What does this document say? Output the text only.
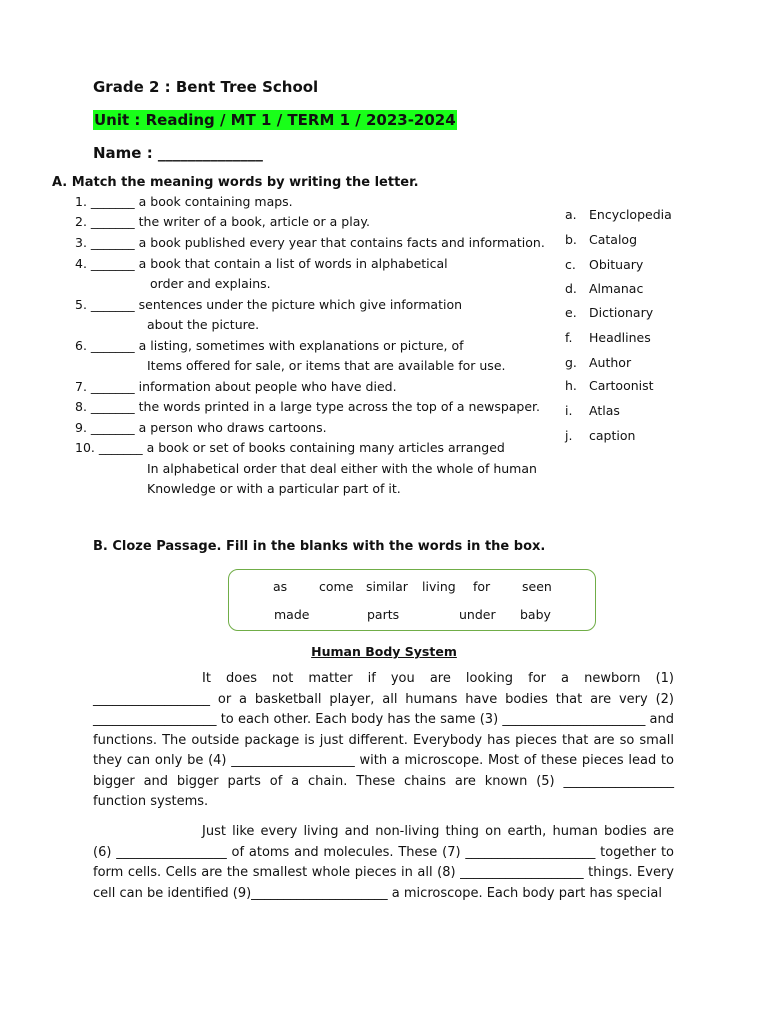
Grade 2 : Bent Tree School
Unit : Reading / MT 1 / TERM 1 / 2023-2024
Name : ______________
A. Match the meaning words by writing the letter.
1. _______ a book containing maps.
2. _______ the writer of a book, article or a play.
3. _______ a book published every year that contains facts and information.
4. _______ a book that contain a list of words in alphabetical
order and explains.
5. _______ sentences under the picture which give information
about the picture.
6. _______ a listing, sometimes with explanations or picture, of
Items offered for sale, or items that are available for use.
7. _______ information about people who have died.
8. _______ the words printed in a large type across the top of a newspaper.
9. _______ a person who draws cartoons.
10. _______ a book or set of books containing many articles arranged
In alphabetical order that deal either with the whole of human
Knowledge or with a particular part of it.
a. Encyclopedia
b. Catalog
c. Obituary
d. Almanac
e. Dictionary
f. Headlines
g. Author
h. Cartoonist
i. Atlas
j. caption
B. Cloze Passage. Fill in the blanks with the words in the box.
as	come similar living for	seen
made	parts	under baby
Human Body System
It does not matter if you are looking for a newborn (1) __________________ or a basketball player, all humans have bodies that are very (2) ___________________ to each other. Each body has the same (3) ______________________ and functions. The outside package is just different. Everybody has pieces that are so small they can only be (4) ___________________ with a microscope. Most of these pieces lead to bigger and bigger parts of a chain. These chains are known (5) _________________ function systems.
Just like every living and non-living thing on earth, human bodies are (6) _________________ of atoms and molecules. These (7) ____________________ together to form cells. Cells are the smallest whole pieces in all (8) ___________________ things. Every cell can be identified (9)_____________________ a microscope. Each body part has special
